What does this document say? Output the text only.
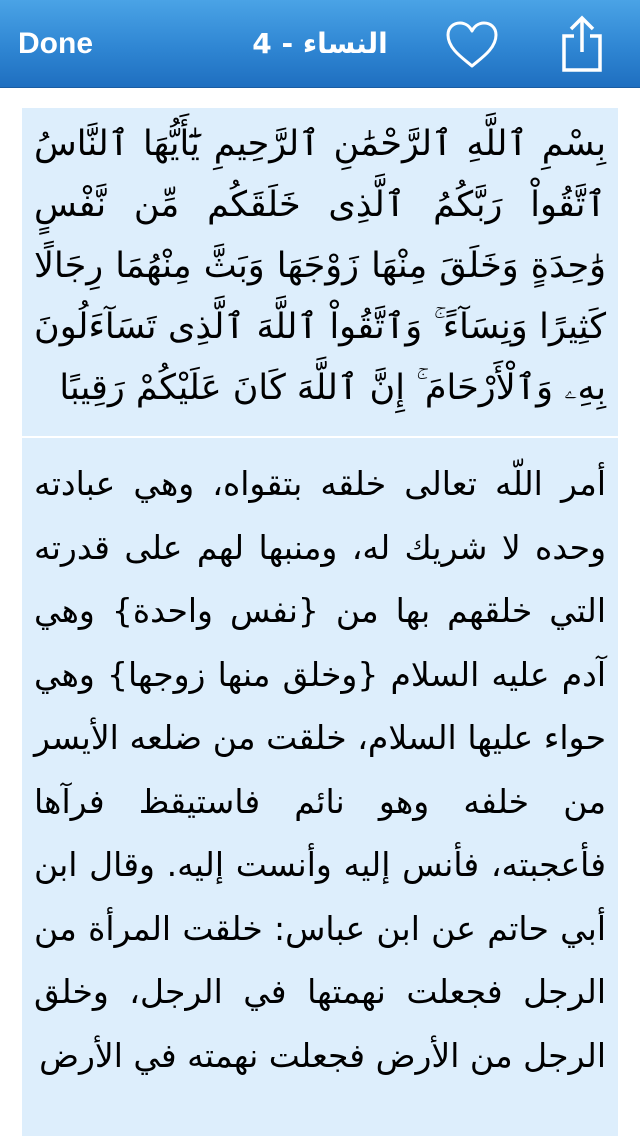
Done	4 - النساء
بِسْمِ ٱللَّهِ ٱلرَّحْمَٰنِ ٱلرَّحِيمِ يَٰٓأَيُّهَا ٱلنَّاسُ ٱتَّقُواْ رَبَّكُمُ ٱلَّذِى خَلَقَكُم مِّن نَّفْسٍ وَٰحِدَةٍ وَخَلَقَ مِنْهَا زَوْجَهَا وَبَثَّ مِنْهُمَا رِجَالًا كَثِيرًا وَنِسَآءً ۚ وَٱتَّقُواْ ٱللَّهَ ٱلَّذِى تَسَآءَلُونَ بِهِۦ وَٱلْأَرْحَامَ ۚ إِنَّ ٱللَّهَ كَانَ عَلَيْكُمْ رَقِيبًا
أمر اللّه تعالى خلقه بتقواه، وهي عبادته وحده لا شريك له، ومنبها لهم على قدرته التي خلقهم بها من {نفس واحدة} وهي آدم عليه السلام {وخلق منها زوجها} وهي حواء عليها السلام، خلقت من ضلعه الأيسر من خلفه وهو نائم فاستيقظ فرآها فأعجبته، فأنس إليه وأنست إليه. وقال ابن أبي حاتم عن ابن عباس: خلقت المرأة من الرجل فجعلت نهمتها في الرجل، وخلق الرجل من الأرض فجعلت نهمته في الأرض
